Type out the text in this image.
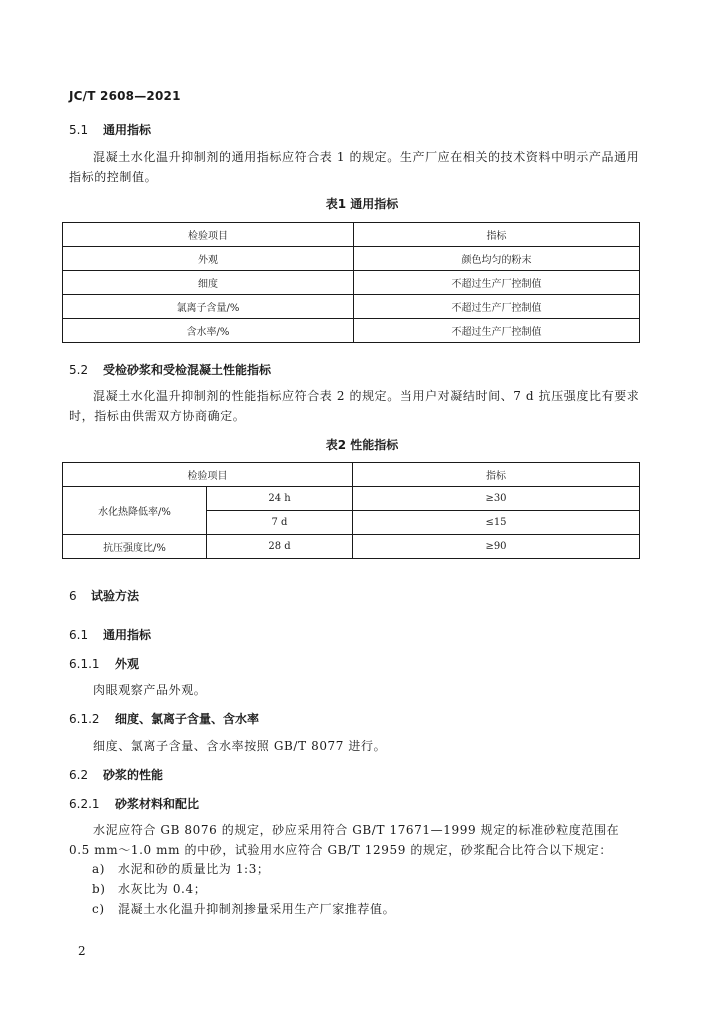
JC/T 2608—2021
5.1 通用指标
混凝土水化温升抑制剂的通用指标应符合表 1 的规定。生产厂应在相关的技术资料中明示产品通用指标的控制值。
表1 通用指标
检验项目	指标
外观	颜色均匀的粉末
细度	不超过生产厂控制值
氯离子含量/%	不超过生产厂控制值
含水率/%	不超过生产厂控制值
5.2 受检砂浆和受检混凝土性能指标
混凝土水化温升抑制剂的性能指标应符合表 2 的规定。当用户对凝结时间、7 d 抗压强度比有要求时，指标由供需双方协商确定。
表2 性能指标
检验项目		指标
水化热降低率/%	24 h	≥30
	7 d	≤15
抗压强度比/%	28 d	≥90
6 试验方法
6.1 通用指标
6.1.1 外观
肉眼观察产品外观。
6.1.2 细度、氯离子含量、含水率
细度、氯离子含量、含水率按照 GB/T 8077 进行。
6.2 砂浆的性能
6.2.1 砂浆材料和配比
水泥应符合 GB 8076 的规定，砂应采用符合 GB/T 17671—1999 规定的标准砂粒度范围在 0.5 mm～1.0 mm 的中砂，试验用水应符合 GB/T 12959 的规定，砂浆配合比符合以下规定：
a) 水泥和砂的质量比为 1:3；
b) 水灰比为 0.4；
c) 混凝土水化温升抑制剂掺量采用生产厂家推荐值。
2
